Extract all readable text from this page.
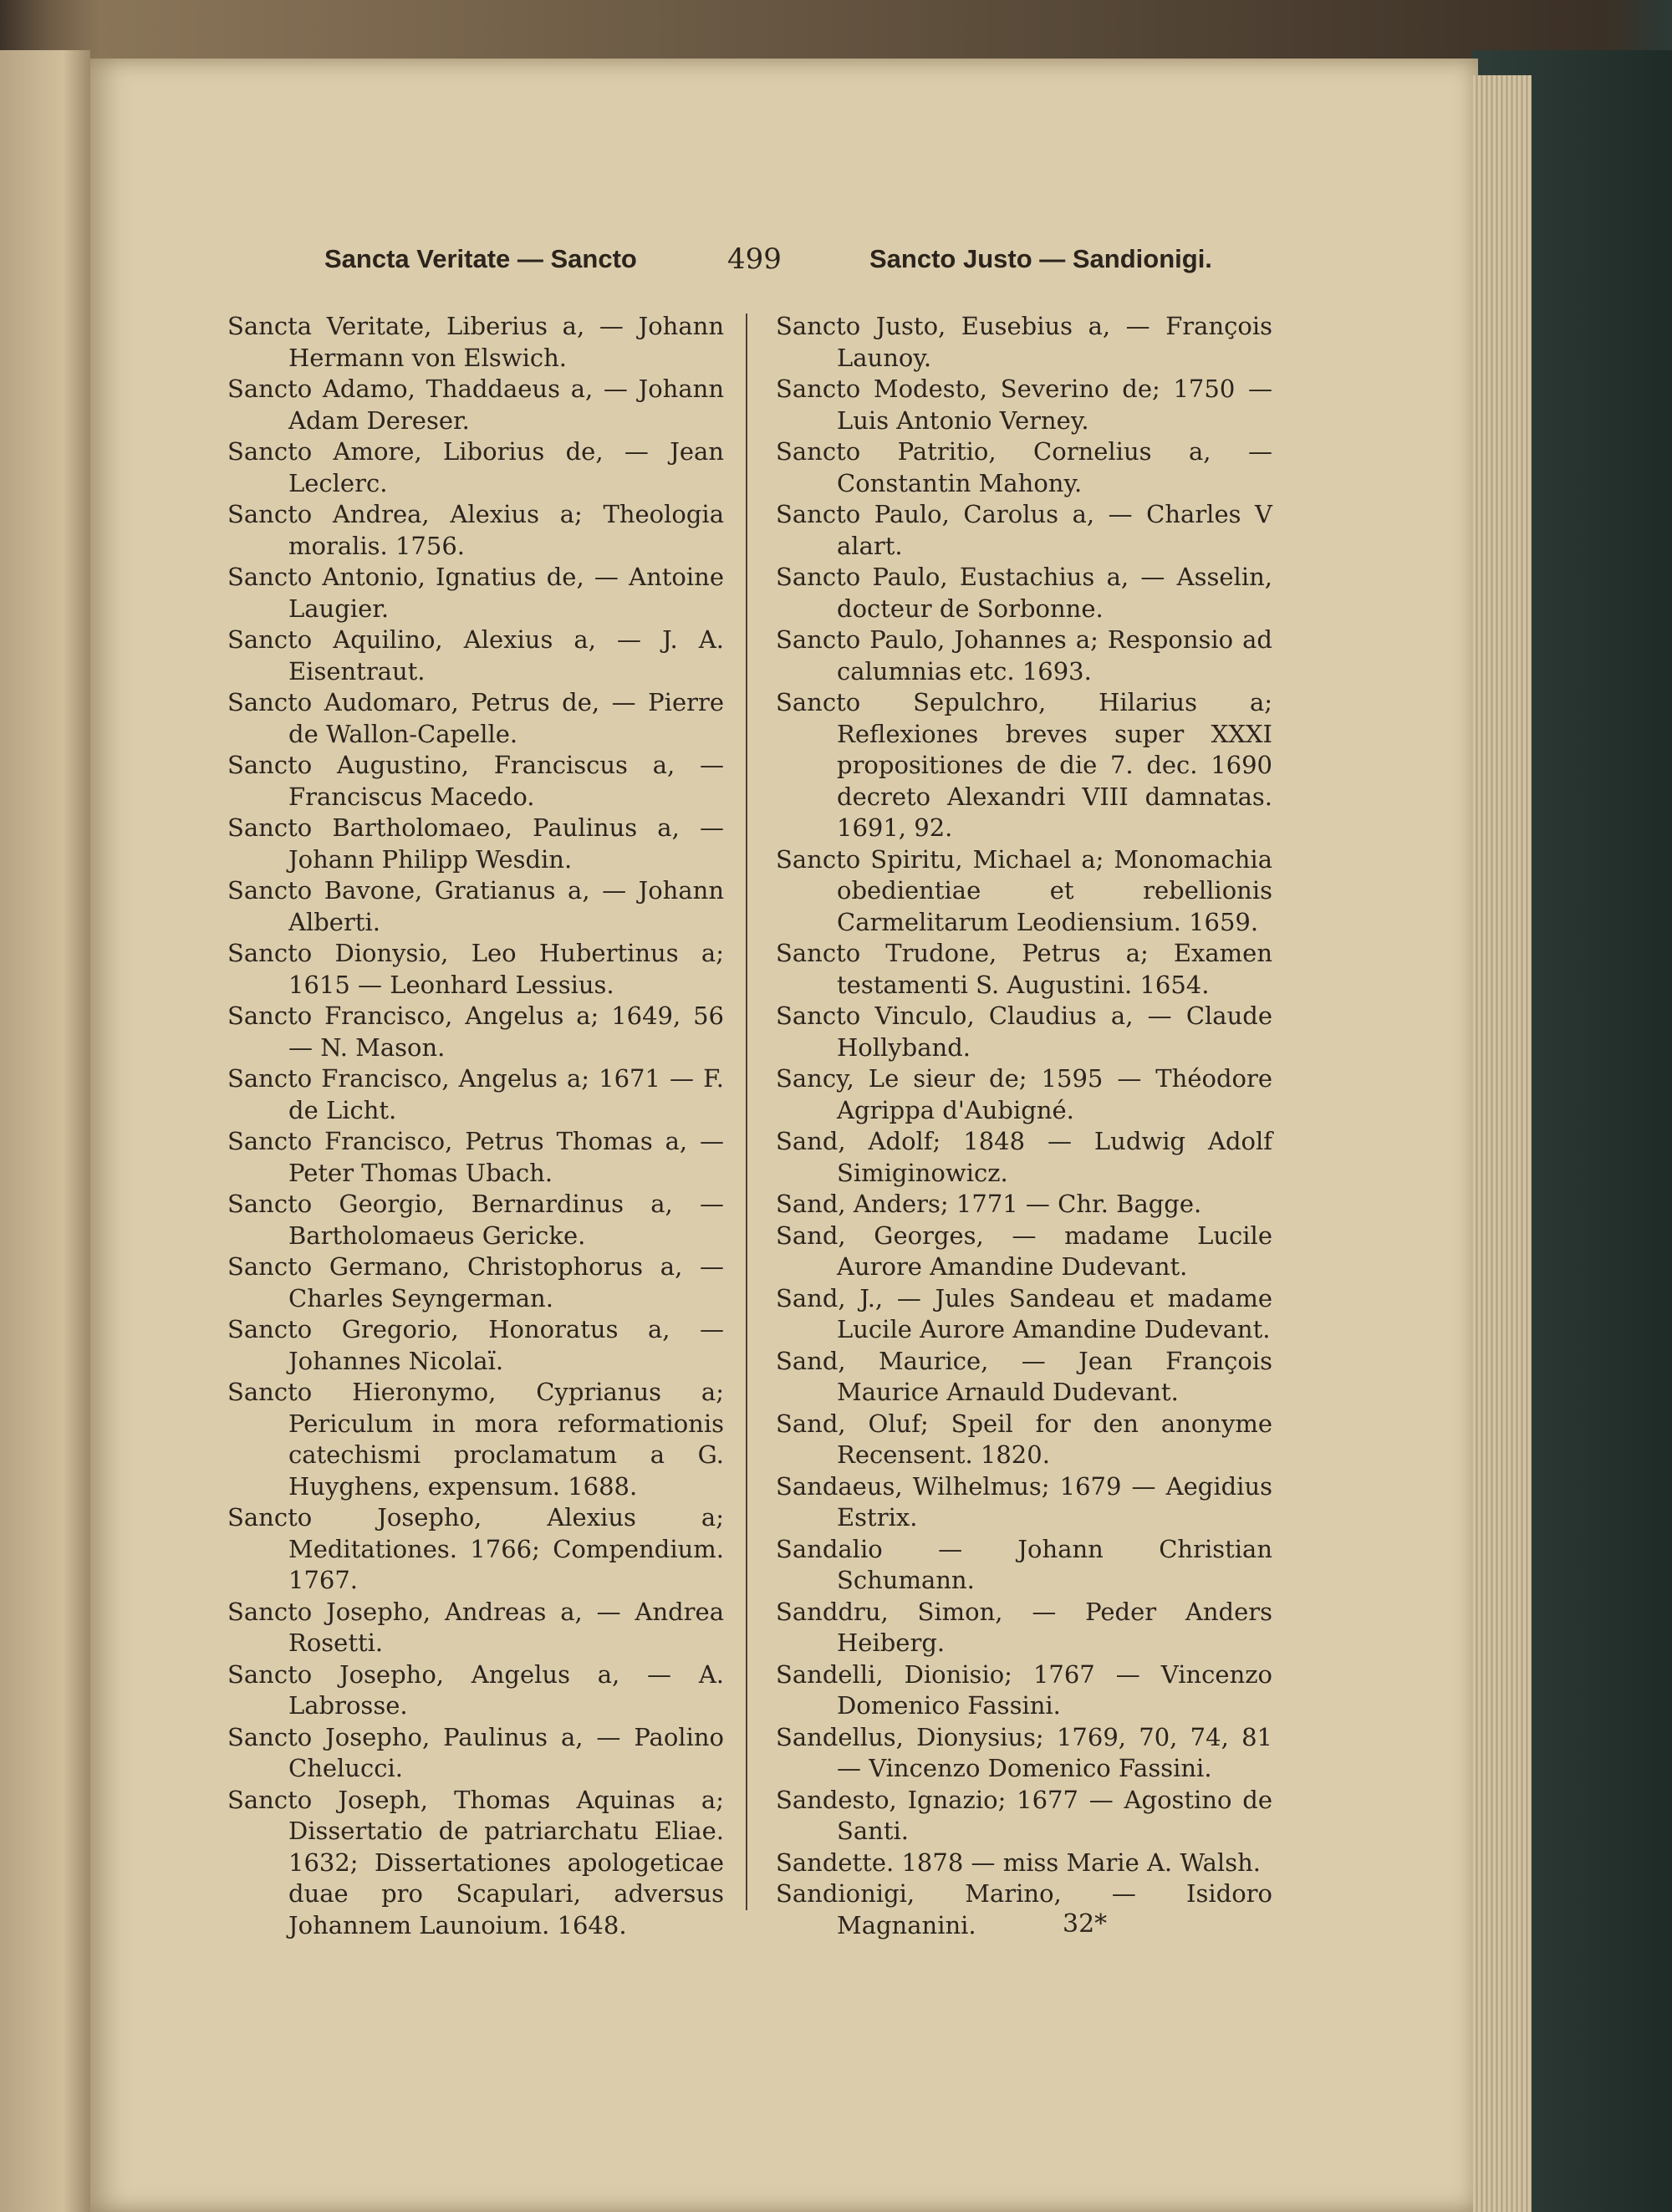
Sancta Veritate — Sancto	499	Sancto Justo — Sandionigi.
Sancta Veritate, Liberius a, — Johann Hermann von Elswich.
Sancto Adamo, Thaddaeus a, — Johann Adam Dereser.
Sancto Amore, Liborius de, — Jean Leclerc.
Sancto Andrea, Alexius a; Theologia moralis. 1756.
Sancto Antonio, Ignatius de, — Antoine Laugier.
Sancto Aquilino, Alexius a, — J. A. Eisentraut.
Sancto Audomaro, Petrus de, — Pierre de Wallon-Capelle.
Sancto Augustino, Franciscus a, — Franciscus Macedo.
Sancto Bartholomaeo, Paulinus a, — Johann Philipp Wesdin.
Sancto Bavone, Gratianus a, — Johann Alberti.
Sancto Dionysio, Leo Hubertinus a; 1615 — Leonhard Lessius.
Sancto Francisco, Angelus a; 1649, 56 — N. Mason.
Sancto Francisco, Angelus a; 1671 — F. de Licht.
Sancto Francisco, Petrus Thomas a, — Peter Thomas Ubach.
Sancto Georgio, Bernardinus a, — Bartholomaeus Gericke.
Sancto Germano, Christophorus a, — Charles Seyngerman.
Sancto Gregorio, Honoratus a, — Johannes Nicolaï.
Sancto Hieronymo, Cyprianus a; Periculum in mora reformationis catechismi proclamatum a G. Huyghens, expensum. 1688.
Sancto Josepho, Alexius a; Meditationes. 1766; Compendium. 1767.
Sancto Josepho, Andreas a, — Andrea Rosetti.
Sancto Josepho, Angelus a, — A. Labrosse.
Sancto Josepho, Paulinus a, — Paolino Chelucci.
Sancto Joseph, Thomas Aquinas a; Dissertatio de patriarchatu Eliae. 1632; Dissertationes apologeticae duae pro Scapulari, adversus Johannem Launoium. 1648.
Sancto Justo, Eusebius a, — François Launoy.
Sancto Modesto, Severino de; 1750 — Luis Antonio Verney.
Sancto Patritio, Cornelius a, — Constantin Mahony.
Sancto Paulo, Carolus a, — Charles V alart.
Sancto Paulo, Eustachius a, — Asselin, docteur de Sorbonne.
Sancto Paulo, Johannes a; Responsio ad calumnias etc. 1693.
Sancto Sepulchro, Hilarius a; Reflexiones breves super XXXI propositiones de die 7. dec. 1690 decreto Alexandri VIII damnatas. 1691, 92.
Sancto Spiritu, Michael a; Monomachia obedientiae et rebellionis Carmelitarum Leodiensium. 1659.
Sancto Trudone, Petrus a; Examen testamenti S. Augustini. 1654.
Sancto Vinculo, Claudius a, — Claude Hollyband.
Sancy, Le sieur de; 1595 — Théodore Agrippa d'Aubigné.
Sand, Adolf; 1848 — Ludwig Adolf Simiginowicz.
Sand, Anders; 1771 — Chr. Bagge.
Sand, Georges, — madame Lucile Aurore Amandine Dudevant.
Sand, J., — Jules Sandeau et madame Lucile Aurore Amandine Dudevant.
Sand, Maurice, — Jean François Maurice Arnauld Dudevant.
Sand, Oluf; Speil for den anonyme Recensent. 1820.
Sandaeus, Wilhelmus; 1679 — Aegidius Estrix.
Sandalio — Johann Christian Schumann.
Sanddru, Simon, — Peder Anders Heiberg.
Sandelli, Dionisio; 1767 — Vincenzo Domenico Fassini.
Sandellus, Dionysius; 1769, 70, 74, 81 — Vincenzo Domenico Fassini.
Sandesto, Ignazio; 1677 — Agostino de Santi.
Sandette. 1878 — miss Marie A. Walsh.
Sandionigi, Marino, — Isidoro Magnanini.	32*
